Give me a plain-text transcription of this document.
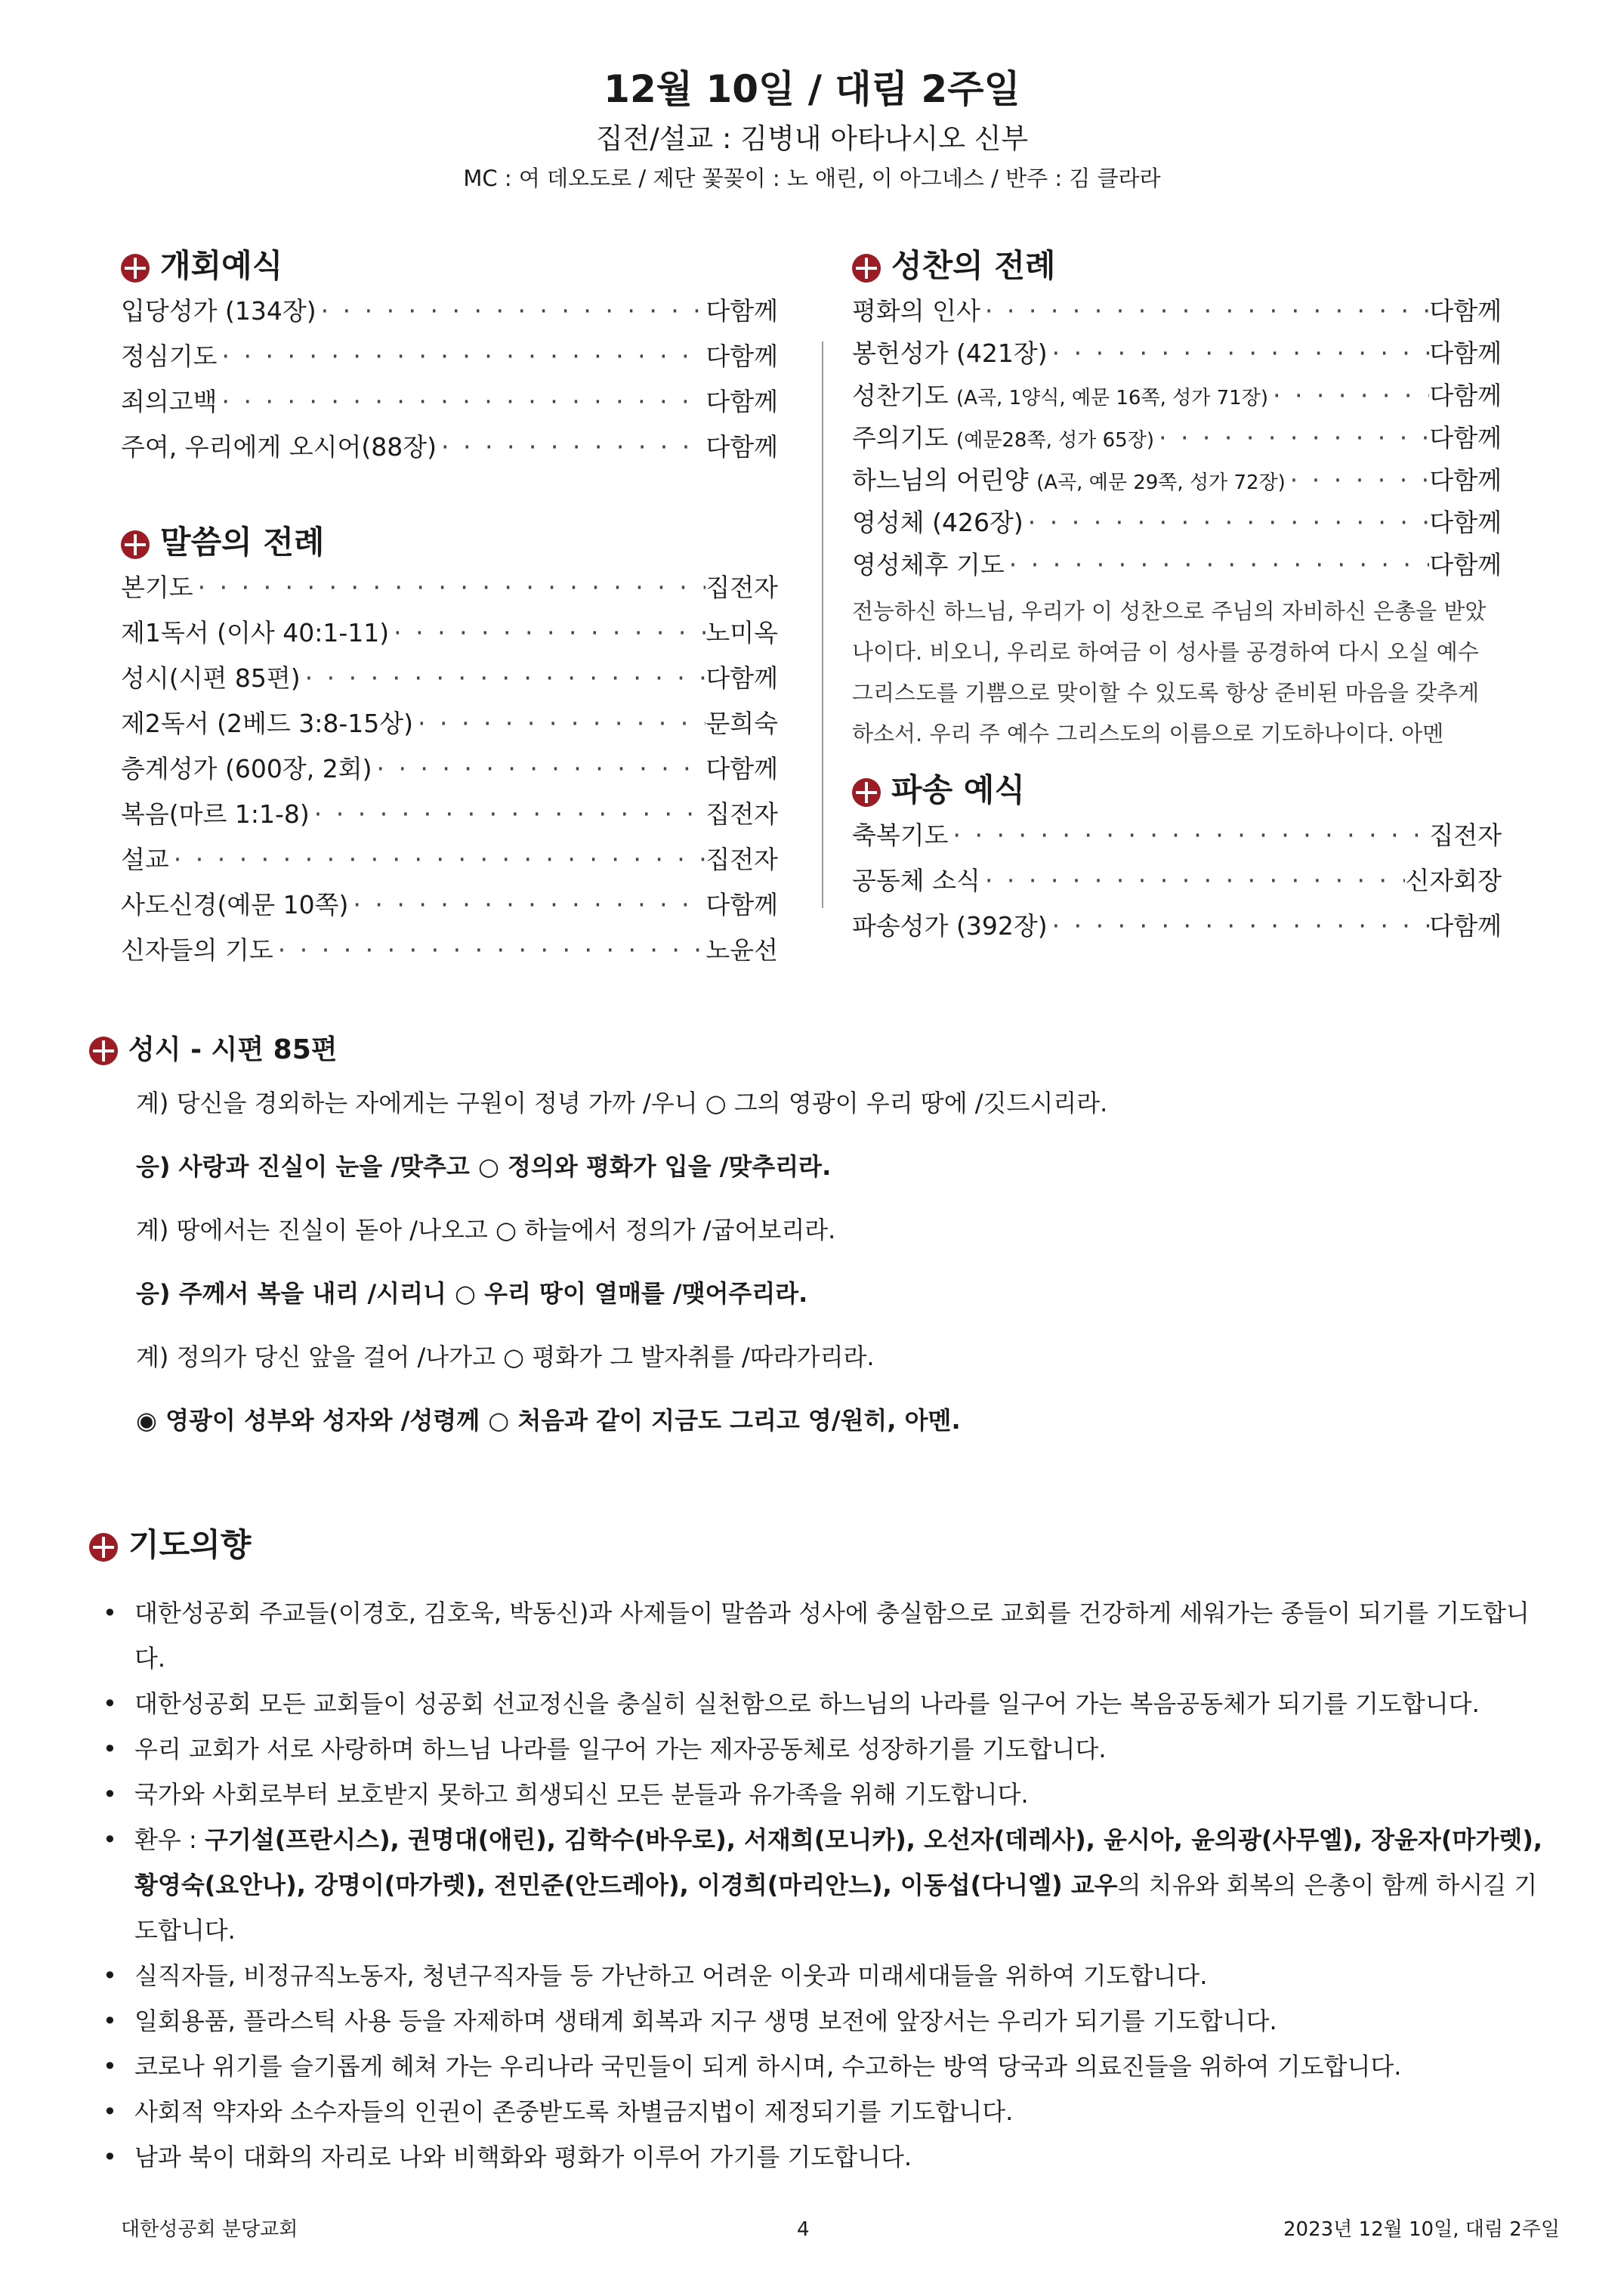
12월 10일 / 대림 2주일
집전/설교 : 김병내 아타나시오 신부
MC : 여 데오도로 / 제단 꽃꽂이 : 노 애린, 이 아그네스 / 반주 : 김 클라라
개회예식
입당성가 (134장) · · ·	다함께
정심기도 · · ·	다함께
죄의고백 · · ·	다함께
주여, 우리에게 오시어(88장) · · ·	다함께
말씀의 전례
본기도 · · ·	집전자
제1독서 (이사 40:1-11) · · ·	노미옥
성시(시편 85편) · · ·	다함께
제2독서 (2베드 3:8-15상) · · ·	문희숙
층계성가 (600장, 2회) · · ·	다함께
복음(마르 1:1-8) · · ·	집전자
설교 · · ·	집전자
사도신경(예문 10쪽) · · ·	다함께
신자들의 기도 · · ·	노윤선
성찬의 전례
평화의 인사 · · ·	다함께
봉헌성가 (421장) · · ·	다함께
성찬기도 (A곡, 1양식, 예문 16쪽, 성가 71장) · · ·	다함께
주의기도 (예문28쪽, 성가 65장) · · ·	다함께
하느님의 어린양 (A곡, 예문 29쪽, 성가 72장) · · ·	다함께
영성체 (426장) · · ·	다함께
영성체후 기도 · · ·	다함께
전능하신 하느님, 우리가 이 성찬으로 주님의 자비하신 은총을 받았나이다. 비오니, 우리로 하여금 이 성사를 공경하여 다시 오실 예수 그리스도를 기쁨으로 맞이할 수 있도록 항상 준비된 마음을 갖추게 하소서. 우리 주 예수 그리스도의 이름으로 기도하나이다. 아멘
파송 예식
축복기도 · · ·	집전자
공동체 소식 · · ·	신자회장
파송성가 (392장) · · ·	다함께
성시 - 시편 85편
계) 당신을 경외하는 자에게는 구원이 정녕 가까 /우니 ○ 그의 영광이 우리 땅에 /깃드시리라.
응) 사랑과 진실이 눈을 /맞추고 ○ 정의와 평화가 입을 /맞추리라.
계) 땅에서는 진실이 돋아 /나오고 ○ 하늘에서 정의가 /굽어보리라.
응) 주께서 복을 내리 /시리니 ○ 우리 땅이 열매를 /맺어주리라.
계) 정의가 당신 앞을 걸어 /나가고 ○ 평화가 그 발자취를 /따라가리라.
◉ 영광이 성부와 성자와 /성령께 ○ 처음과 같이 지금도 그리고 영/원히, 아멘.
기도의향
• 대한성공회 주교들(이경호, 김호욱, 박동신)과 사제들이 말씀과 성사에 충실함으로 교회를 건강하게 세워가는 종들이 되기를 기도합니다.
• 대한성공회 모든 교회들이 성공회 선교정신을 충실히 실천함으로 하느님의 나라를 일구어 가는 복음공동체가 되기를 기도합니다.
• 우리 교회가 서로 사랑하며 하느님 나라를 일구어 가는 제자공동체로 성장하기를 기도합니다.
• 국가와 사회로부터 보호받지 못하고 희생되신 모든 분들과 유가족을 위해 기도합니다.
• 환우 : 구기설(프란시스), 권명대(애린), 김학수(바우로), 서재희(모니카), 오선자(데레사), 윤시아, 윤의광(사무엘), 장윤자(마가렛), 황영숙(요안나), 강명이(마가렛), 전민준(안드레아), 이경희(마리안느), 이동섭(다니엘) 교우의 치유와 회복의 은총이 함께 하시길 기도합니다.
• 실직자들, 비정규직노동자, 청년구직자들 등 가난하고 어려운 이웃과 미래세대들을 위하여 기도합니다.
• 일회용품, 플라스틱 사용 등을 자제하며 생태계 회복과 지구 생명 보전에 앞장서는 우리가 되기를 기도합니다.
• 코로나 위기를 슬기롭게 헤쳐 가는 우리나라 국민들이 되게 하시며, 수고하는 방역 당국과 의료진들을 위하여 기도합니다.
• 사회적 약자와 소수자들의 인권이 존중받도록 차별금지법이 제정되기를 기도합니다.
• 남과 북이 대화의 자리로 나와 비핵화와 평화가 이루어 가기를 기도합니다.
대한성공회 분당교회	4	2023년 12월 10일, 대림 2주일
